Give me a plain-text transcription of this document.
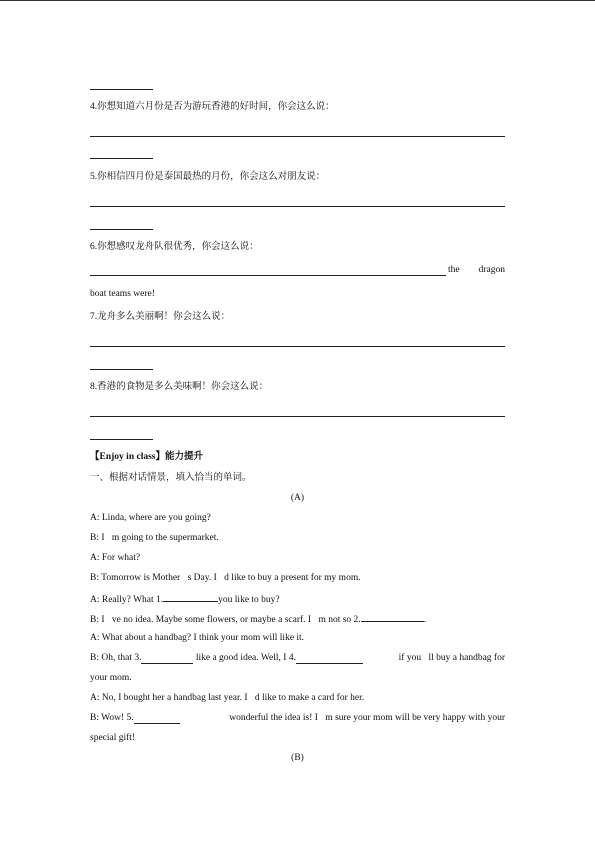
4.你想知道六月份是否为游玩香港的好时间，你会这么说：
5.你相信四月份是泰国最热的月份，你会这么对朋友说：
6.你想感叹龙舟队很优秀，你会这么说：
the dragon
boat teams were!
7.龙舟多么美丽啊！你会这么说：
8.香港的食物是多么美味啊！你会这么说：
【Enjoy in class】能力提升
一、根据对话情景，填入恰当的单词。
(A)
A: Linda, where are you going?
B: I m going to the supermarket.
A: For what?
B: Tomorrow is Mother s Day. I d like to buy a present for my mom.
A: Really? What 1.	you like to buy?
B: I ve no idea. Maybe some flowers, or maybe a scarf. I m not so 2.	.
A: What about a handbag? I think your mom will like it.
B: Oh, that 3.	like a good idea. Well, I 4.	if you ll buy a handbag for
your mom.
A: No, I bought her a handbag last year. I d like to make a card for her.
B: Wow! 5.	wonderful the idea is! I m sure your mom will be very happy with your
special gift!
(B)
